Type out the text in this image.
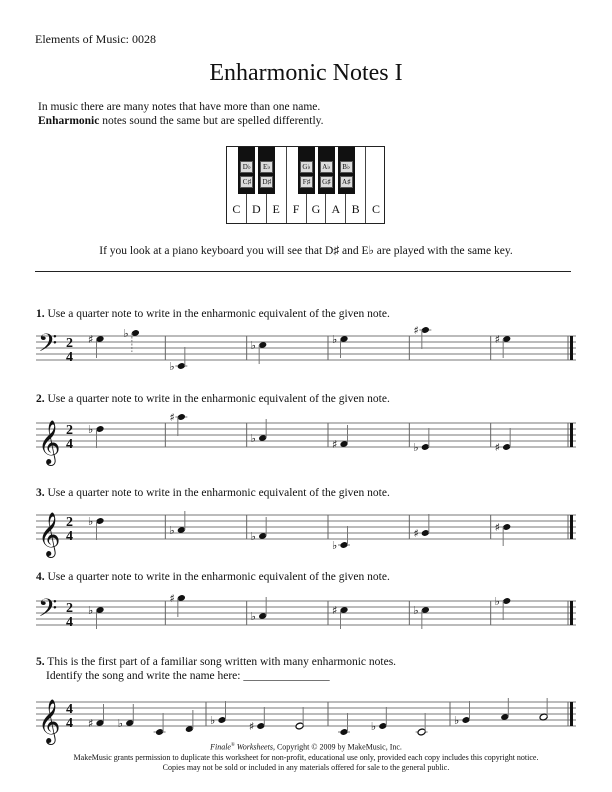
Elements of Music: 0028
Enharmonic Notes I
In music there are many notes that have more than one name.
Enharmonic notes sound the same but are spelled differently.
C D E	F	G A B	C
D♭
C♯
E♭
D♯
G♭
F♯
A♭
G♯
B♭
A♯
If you look at a piano keyboard you will see that D♯ and E♭ are played with the same key.
1. Use a quarter note to write in the enharmonic equivalent of the given note.
𝄢 2
4
♯	♭
♭
♭	♭
♯
♯
2. Use a quarter note to write in the enharmonic equivalent of the given note.
𝄞 2
4
♭
♯
♭	♯	♭	♯
3. Use a quarter note to write in the enharmonic equivalent of the given note.
𝄞 2
4
♭
♭	♭
♭
♯	♯
4. Use a quarter note to write in the enharmonic equivalent of the given note.
𝄢 2
4
♭
♯
♭	♯	♭
♭
5. This is the first part of a familiar song written with many enharmonic notes.
Identify the song and write the name here: _______________
𝄞 4
4 ♯ ♭	♭	♯	♭	♭
Finale® Worksheets, Copyright © 2009 by MakeMusic, Inc.
MakeMusic grants permission to duplicate this worksheet for non-profit, educational use only, provided each copy includes this copyright notice.
Copies may not be sold or included in any materials offered for sale to the general public.
